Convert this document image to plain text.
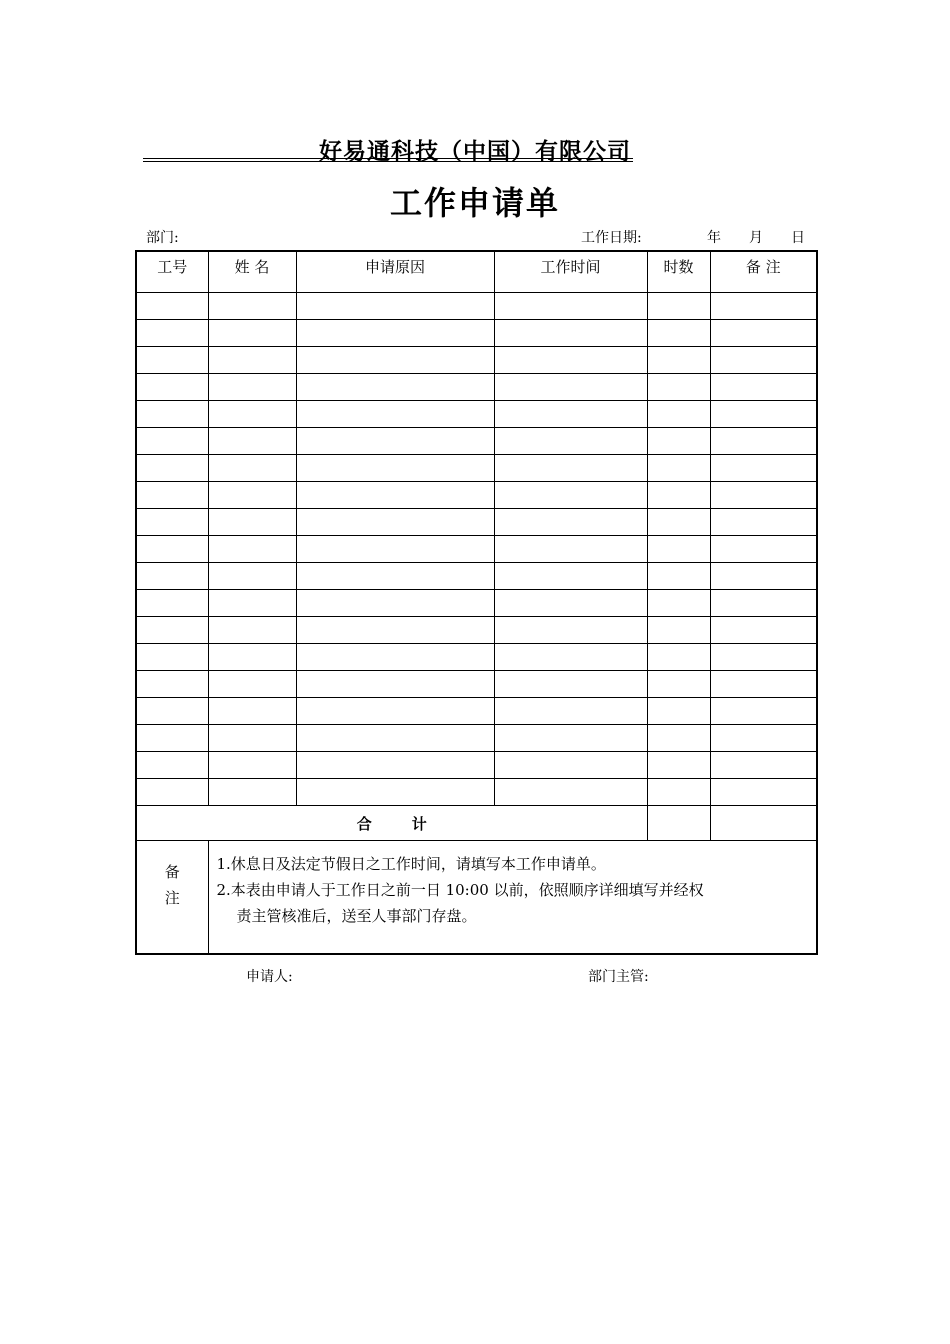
好易通科技（中国）有限公司
工作申请单
部门:	工作日期:	年 月 日
工号	姓 名	申请原因	工作时间	时数	备 注

合计					

备
注	1.休息日及法定节假日之工作时间，请填写本工作申请单。
2.本表由申请人于工作日之前一日 10:00 以前，依照顺序详细填写并经权
责主管核准后，送至人事部门存盘。				
申请人:	部门主管:
